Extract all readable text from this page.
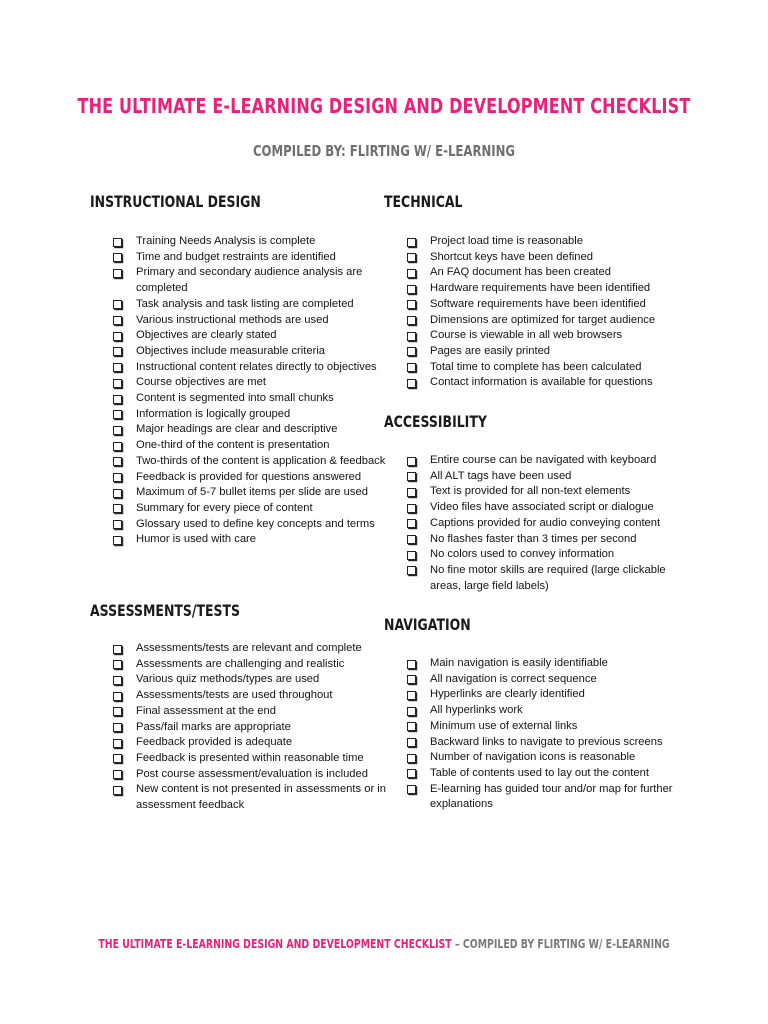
THE ULTIMATE E-LEARNING DESIGN AND DEVELOPMENT CHECKLIST
COMPILED BY: FLIRTING W/ E-LEARNING
INSTRUCTIONAL DESIGN
Training Needs Analysis is complete
Time and budget restraints are identified
Primary and secondary audience analysis are completed
Task analysis and task listing are completed
Various instructional methods are used
Objectives are clearly stated
Objectives include measurable criteria
Instructional content relates directly to objectives
Course objectives are met
Content is segmented into small chunks
Information is logically grouped
Major headings are clear and descriptive
One-third of the content is presentation
Two-thirds of the content is application & feedback
Feedback is provided for questions answered
Maximum of 5-7 bullet items per slide are used
Summary for every piece of content
Glossary used to define key concepts and terms
Humor is used with care
ASSESSMENTS/TESTS
Assessments/tests are relevant and complete
Assessments are challenging and realistic
Various quiz methods/types are used
Assessments/tests are used throughout
Final assessment at the end
Pass/fail marks are appropriate
Feedback provided is adequate
Feedback is presented within reasonable time
Post course assessment/evaluation is included
New content is not presented in assessments or in assessment feedback
TECHNICAL
Project load time is reasonable
Shortcut keys have been defined
An FAQ document has been created
Hardware requirements have been identified
Software requirements have been identified
Dimensions are optimized for target audience
Course is viewable in all web browsers
Pages are easily printed
Total time to complete has been calculated
Contact information is available for questions
ACCESSIBILITY
Entire course can be navigated with keyboard
All ALT tags have been used
Text is provided for all non-text elements
Video files have associated script or dialogue
Captions provided for audio conveying content
No flashes faster than 3 times per second
No colors used to convey information
No fine motor skills are required (large clickable areas, large field labels)
NAVIGATION
Main navigation is easily identifiable
All navigation is correct sequence
Hyperlinks are clearly identified
All hyperlinks work
Minimum use of external links
Backward links to navigate to previous screens
Number of navigation icons is reasonable
Table of contents used to lay out the content
E-learning has guided tour and/or map for further explanations
THE ULTIMATE E-LEARNING DESIGN AND DEVELOPMENT CHECKLIST – COMPILED BY FLIRTING W/ E-LEARNING
